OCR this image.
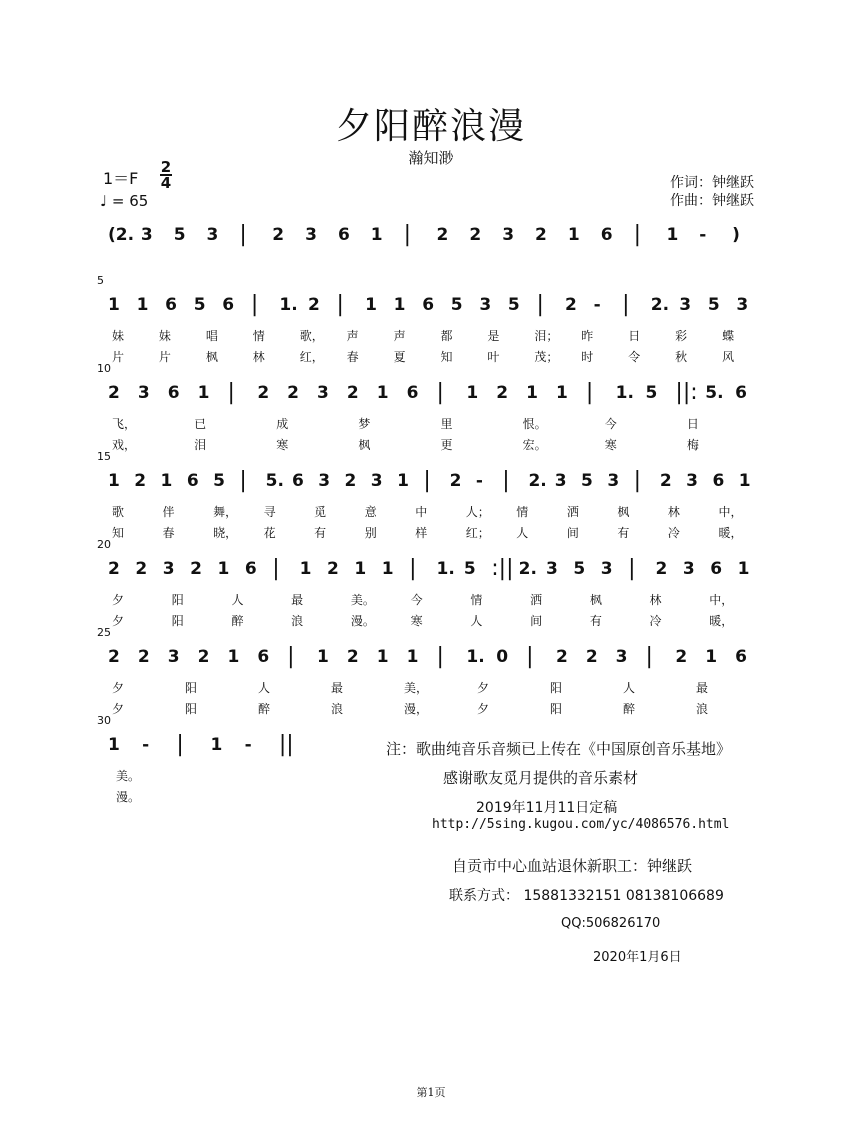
夕阳醉浪漫
瀚知渺
1＝F
2
4
♩ = 65
作词：钟继跃
作曲：钟继跃
(2. 3 5 3 | 2 3 6 1 | 2 2 3 2 1 6 | 1 - )
1 1 6 5 6 | 1. 2 | 1 1 6 5 3 5 | 2 - | 2. 3 5 3
妹	妹	唱	情	歌， 声	声	都	是	泪； 昨	日	彩	蝶
片	片	枫	林	红， 春	夏	知	叶	茂； 时	令	秋	风
2 3 6 1 | 2 2 3 2 1 6 | 1 2 1 1 | 1. 5 ||: 5. 6
飞，	已	成	梦	里	恨。	今	日
戏，	泪	寒	枫	更	宏。	寒	梅
1 2 1 6 5 | 5. 6 3 2 3 1 | 2 - | 2. 3 5 3 | 2 3 6 1
歌	伴	舞， 寻	觅	意	中	人； 情	洒	枫	林	中，
知	春	晓， 花	有	别	样	红； 人	间	有	冷	暖，
2 2 3 2 1 6 | 1 2 1 1 | 1. 5 :|| 2. 3 5 3 | 2 3 6 1
夕	阳	人	最	美。	今	情	洒	枫	林	中，
夕	阳	醉	浪	漫。	寒	人	间	有	冷	暖，
2 2 3 2 1 6 | 1 2 1 1 | 1. 0 | 2 2 3 | 2 1 6
夕	阳	人	最	美，	夕	阳	人	最
夕	阳	醉	浪	漫，	夕	阳	醉	浪
1 - | 1 - ||
美。
漫。
5
10
15
20
25
30
注：歌曲纯音乐音频已上传在《中国原创音乐基地》
感谢歌友觅月提供的音乐素材
2019年11月11日定稿
http://5sing.kugou.com/yc/4086576.html
自贡市中心血站退休新职工：钟继跃
联系方式： 15881332151 08138106689
QQ:506826170
2020年1月6日
第1页
